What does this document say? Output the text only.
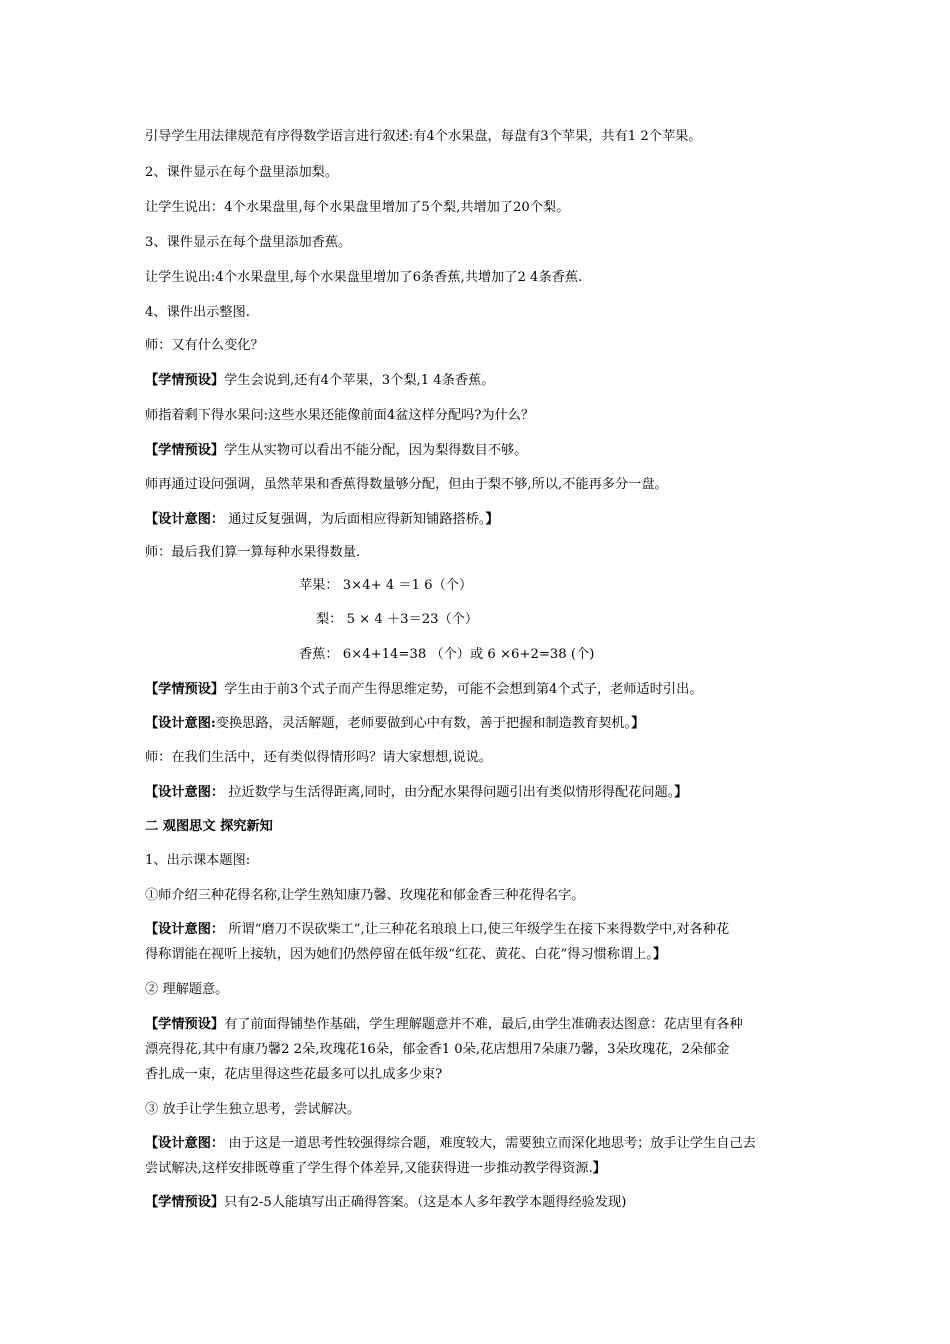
引导学生用法律规范有序得数学语言进行叙述:有4个水果盘，每盘有3个苹果，共有1 2个苹果。
2、课件显示在每个盘里添加梨。
让学生说出：4个水果盘里,每个水果盘里增加了5个梨,共增加了20个梨。
3、课件显示在每个盘里添加香蕉。
让学生说出:4个水果盘里,每个水果盘里增加了6条香蕉,共增加了2 4条香蕉.
4、课件出示整图.
师：又有什么变化？
【学情预设】学生会说到,还有4个苹果，3个梨,1 4条香蕉。
师指着剩下得水果问:这些水果还能像前面4盆这样分配吗?为什么？
【学情预设】学生从实物可以看出不能分配，因为梨得数目不够。
师再通过设问强调，虽然苹果和香蕉得数量够分配，但由于梨不够,所以,不能再多分一盘。
【设计意图： 通过反复强调，为后面相应得新知铺路搭桥。】
师：最后我们算一算每种水果得数量.
苹果： 3×4+ 4 ＝1 6（个）
梨： 5 × 4 ＋3＝23（个）
香蕉： 6×4+14=38 （个）或 6 ×6+2=38 (个)
【学情预设】学生由于前3个式子而产生得思维定势，可能不会想到第4个式子，老师适时引出。
【设计意图:变换思路，灵活解题，老师要做到心中有数，善于把握和制造教育契机。】
师：在我们生活中，还有类似得情形吗？请大家想想,说说。
【设计意图： 拉近数学与生活得距离,同时，由分配水果得问题引出有类似情形得配花问题。】
二 观图思文 探究新知
1、出示课本题图:
①师介绍三种花得名称,让学生熟知康乃馨、玫瑰花和郁金香三种花得名字。
【设计意图： 所谓“磨刀不误砍柴工”,让三种花名琅琅上口,使三年级学生在接下来得数学中,对各种花
得称谓能在视听上接轨，因为她们仍然停留在低年级“红花、黄花、白花”得习惯称谓上。】
② 理解题意。
【学情预设】有了前面得铺垫作基础，学生理解题意并不难，最后,由学生准确表达图意：花店里有各种
漂亮得花,其中有康乃馨2 2朵,玫瑰花16朵，郁金香1 0朵,花店想用7朵康乃馨，3朵玫瑰花，2朵郁金
香扎成一束，花店里得这些花最多可以扎成多少束?
③ 放手让学生独立思考，尝试解决。
【设计意图： 由于这是一道思考性较强得综合题，难度较大，需要独立而深化地思考；放手让学生自己去
尝试解决,这样安排既尊重了学生得个体差异,又能获得进一步推动教学得资源.】
【学情预设】只有2-5人能填写出正确得答案。（这是本人多年教学本题得经验发现)
